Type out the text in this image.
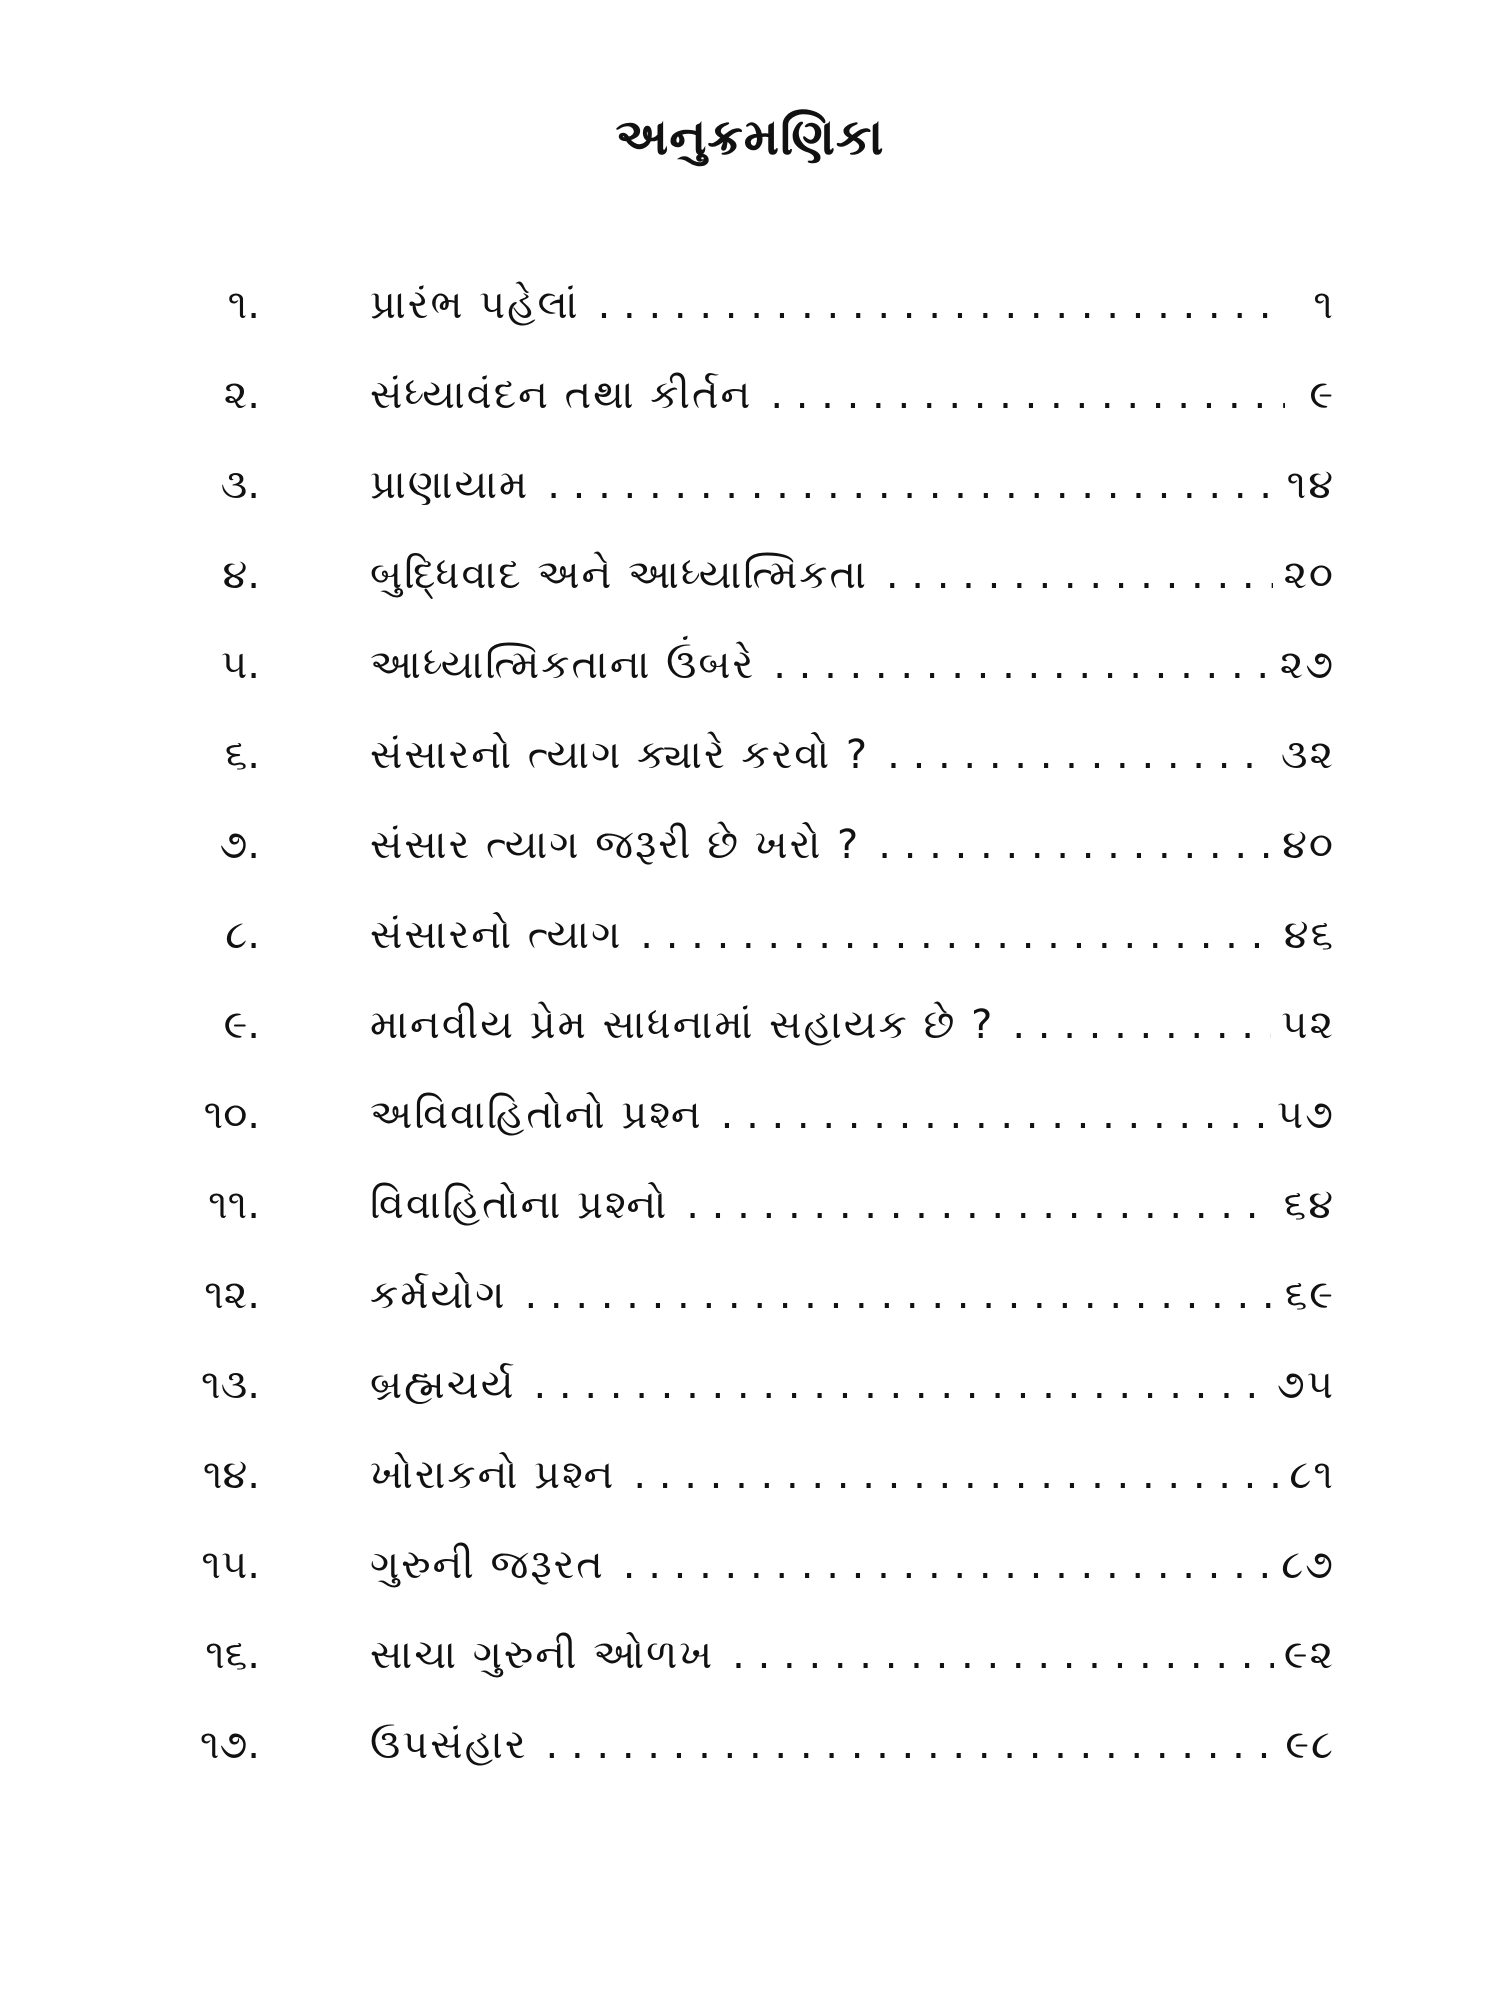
અનુક્રમણિકા
૧.	પ્રારંભ પહેલાં . . .	૧
૨.	સંધ્યાવંદન તથા કીર્તન . . .	૯
૩.	પ્રાણાયામ . . .	૧૪
૪.	બુદ્ધિવાદ અને આધ્યાત્મિકતા . . .	૨૦
૫.	આધ્યાત્મિકતાના ઉંબરે . . .	૨૭
૬.	સંસારનો ત્યાગ ક્યારે કરવો ? . . .	૩૨
૭.	સંસાર ત્યાગ જરૂરી છે ખરો ? . . .	૪૦
૮.	સંસારનો ત્યાગ . . .	૪૬
૯.	માનવીય પ્રેમ સાધનામાં સહાયક છે ? . . .	૫૨
૧૦.	અવિવાહિતોનો પ્રશ્ન . . .	૫૭
૧૧.	વિવાહિતોના પ્રશ્નો . . .	૬૪
૧૨.	કર્મયોગ . . .	૬૯
૧૩.	બ્રહ્મચર્ય . . .	૭૫
૧૪.	ખોરાકનો પ્રશ્ન . . .	૮૧
૧૫.	ગુરુની જરૂરત . . .	૮૭
૧૬.	સાચા ગુરુની ઓળખ . . .	૯૨
૧૭.	ઉપસંહાર . . .	૯૮
